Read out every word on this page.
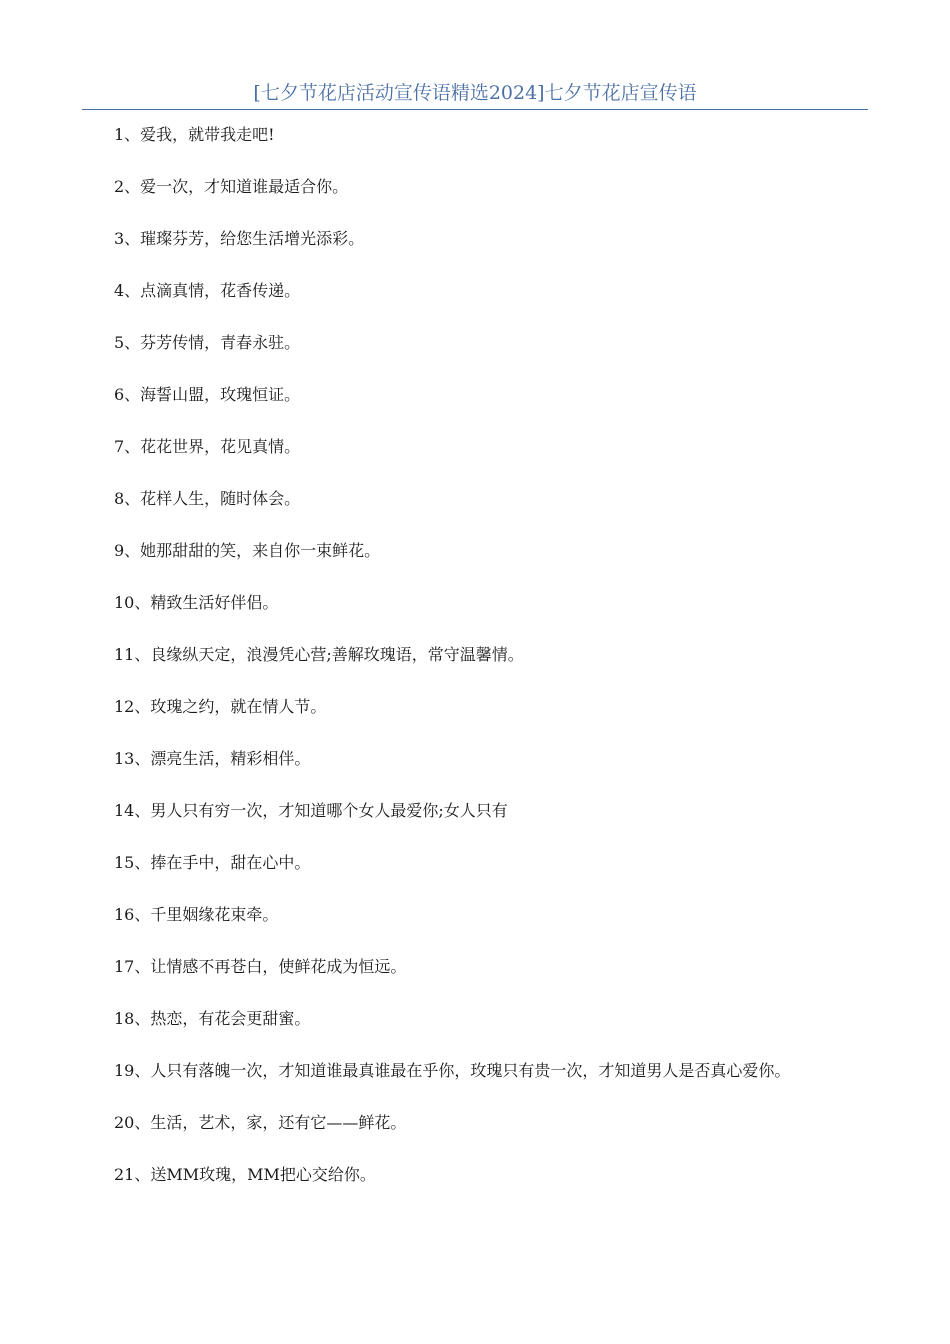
[七夕节花店活动宣传语精选2024]七夕节花店宣传语

1、爱我，就带我走吧!

2、爱一次，才知道谁最适合你。

3、璀璨芬芳，给您生活增光添彩。

4、点滴真情，花香传递。

5、芬芳传情，青春永驻。

6、海誓山盟，玫瑰恒证。

7、花花世界，花见真情。

8、花样人生，随时体会。

9、她那甜甜的笑，来自你一束鲜花。

10、精致生活好伴侣。

11、良缘纵天定，浪漫凭心营;善解玫瑰语，常守温馨情。

12、玫瑰之约，就在情人节。

13、漂亮生活，精彩相伴。

14、男人只有穷一次，才知道哪个女人最爱你;女人只有

15、捧在手中，甜在心中。

16、千里姻缘花束牵。

17、让情感不再苍白，使鲜花成为恒远。

18、热恋，有花会更甜蜜。

19、人只有落魄一次，才知道谁最真谁最在乎你，玫瑰只有贵一次，才知道男人是否真心爱你。

20、生活，艺术，家，还有它——鲜花。

21、送MM玫瑰，MM把心交给你。
